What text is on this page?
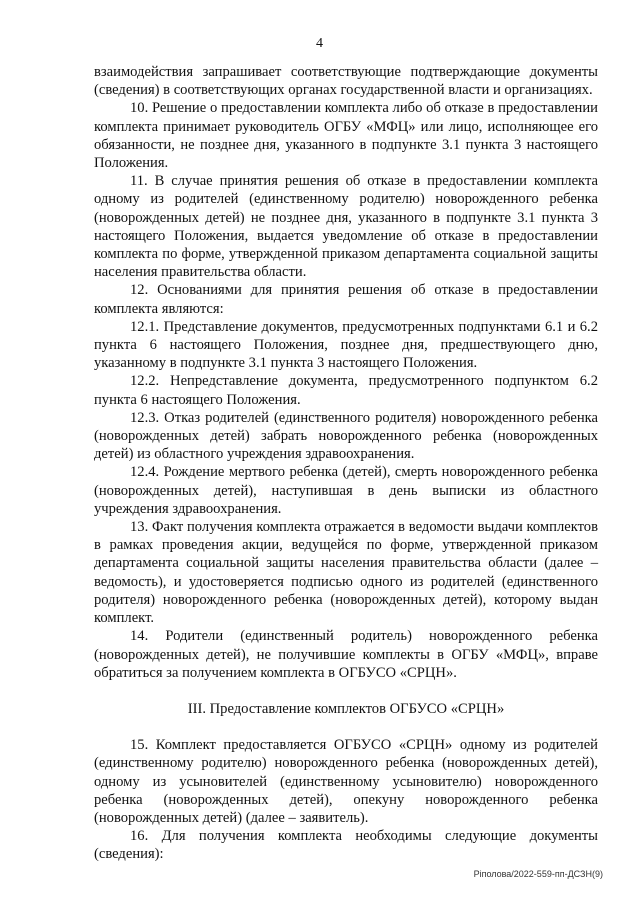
4

взаимодействия запрашивает соответствующие подтверждающие документы (сведения) в соответствующих органах государственной власти и организациях.

10. Решение о предоставлении комплекта либо об отказе в предоставлении комплекта принимает руководитель ОГБУ «МФЦ» или лицо, исполняющее его обязанности, не позднее дня, указанного в подпункте 3.1 пункта 3 настоящего Положения.

11. В случае принятия решения об отказе в предоставлении комплекта одному из родителей (единственному родителю) новорожденного ребенка (новорожденных детей) не позднее дня, указанного в подпункте 3.1 пункта 3 настоящего Положения, выдается уведомление об отказе в предоставлении комплекта по форме, утвержденной приказом департамента социальной защиты населения правительства области.

12. Основаниями для принятия решения об отказе в предоставлении комплекта являются:

12.1. Представление документов, предусмотренных подпунктами 6.1 и 6.2 пункта 6 настоящего Положения, позднее дня, предшествующего дню, указанному в подпункте 3.1 пункта 3 настоящего Положения.

12.2. Непредставление документа, предусмотренного подпунктом 6.2 пункта 6 настоящего Положения.

12.3. Отказ родителей (единственного родителя) новорожденного ребенка (новорожденных детей) забрать новорожденного ребенка (новорожденных детей) из областного учреждения здравоохранения.

12.4. Рождение мертвого ребенка (детей), смерть новорожденного ребенка (новорожденных детей), наступившая в день выписки из областного учреждения здравоохранения.

13. Факт получения комплекта отражается в ведомости выдачи комплектов в рамках проведения акции, ведущейся по форме, утвержденной приказом департамента социальной защиты населения правительства области (далее – ведомость), и удостоверяется подписью одного из родителей (единственного родителя) новорожденного ребенка (новорожденных детей), которому выдан комплект.

14. Родители (единственный родитель) новорожденного ребенка (новорожденных детей), не получившие комплекты в ОГБУ «МФЦ», вправе обратиться за получением комплекта в ОГБУСО «СРЦН».

III. Предоставление комплектов ОГБУСО «СРЦН»

15. Комплект предоставляется ОГБУСО «СРЦН» одному из родителей (единственному родителю) новорожденного ребенка (новорожденных детей), одному из усыновителей (единственному усыновителю) новорожденного ребенка (новорожденных детей), опекуну новорожденного ребенка (новорожденных детей) (далее – заявитель).

16. Для получения комплекта необходимы следующие документы (сведения):

Рiполова/2022-559-пп-ДСЗН(9)
